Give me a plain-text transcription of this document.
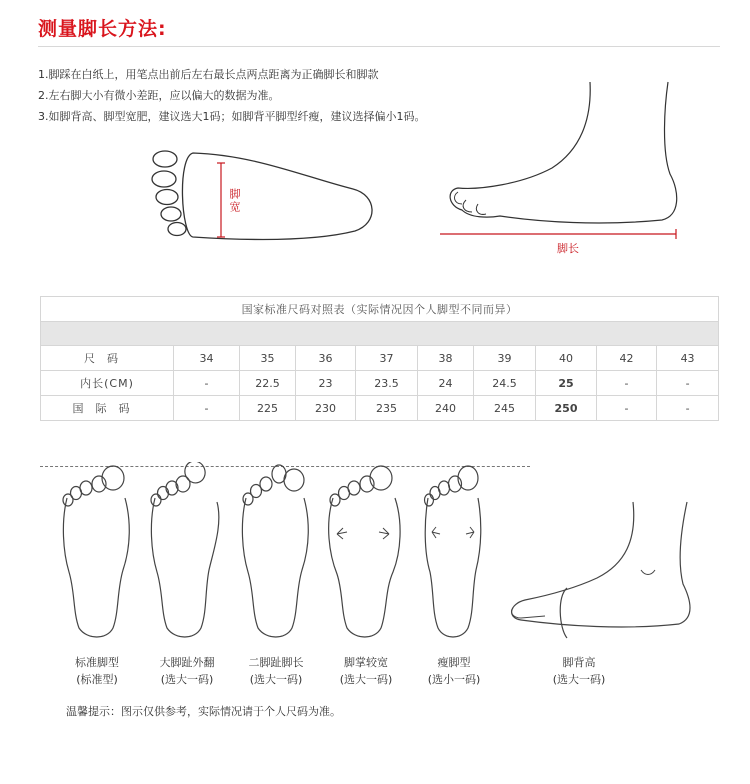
测量脚长方法:
1.脚踩在白纸上，用笔点出前后左右最长点两点距离为正确脚长和脚款
2.左右脚大小有微小差距，应以偏大的数据为准。
3.如脚背高、脚型宽肥，建议选大1码；如脚背平脚型纤瘦，建议选择偏小1码。
脚宽
脚长
国家标准尺码对照表（实际情况因个人脚型不同而异）									

尺码	34	35	36	37	38	39	40	42	43
内长(CM)	-	22.5	23	23.5	24	24.5	25	-	-
国际码	-	225	230	235	240	245	250	-	-
标准脚型
(标准型)
大脚趾外翻
(选大一码)
二脚趾脚长
(选大一码)
脚掌较宽
(选大一码)
瘦脚型
(选小一码)
脚背高
(选大一码)
温馨提示：图示仅供参考，实际情况请于个人尺码为准。
